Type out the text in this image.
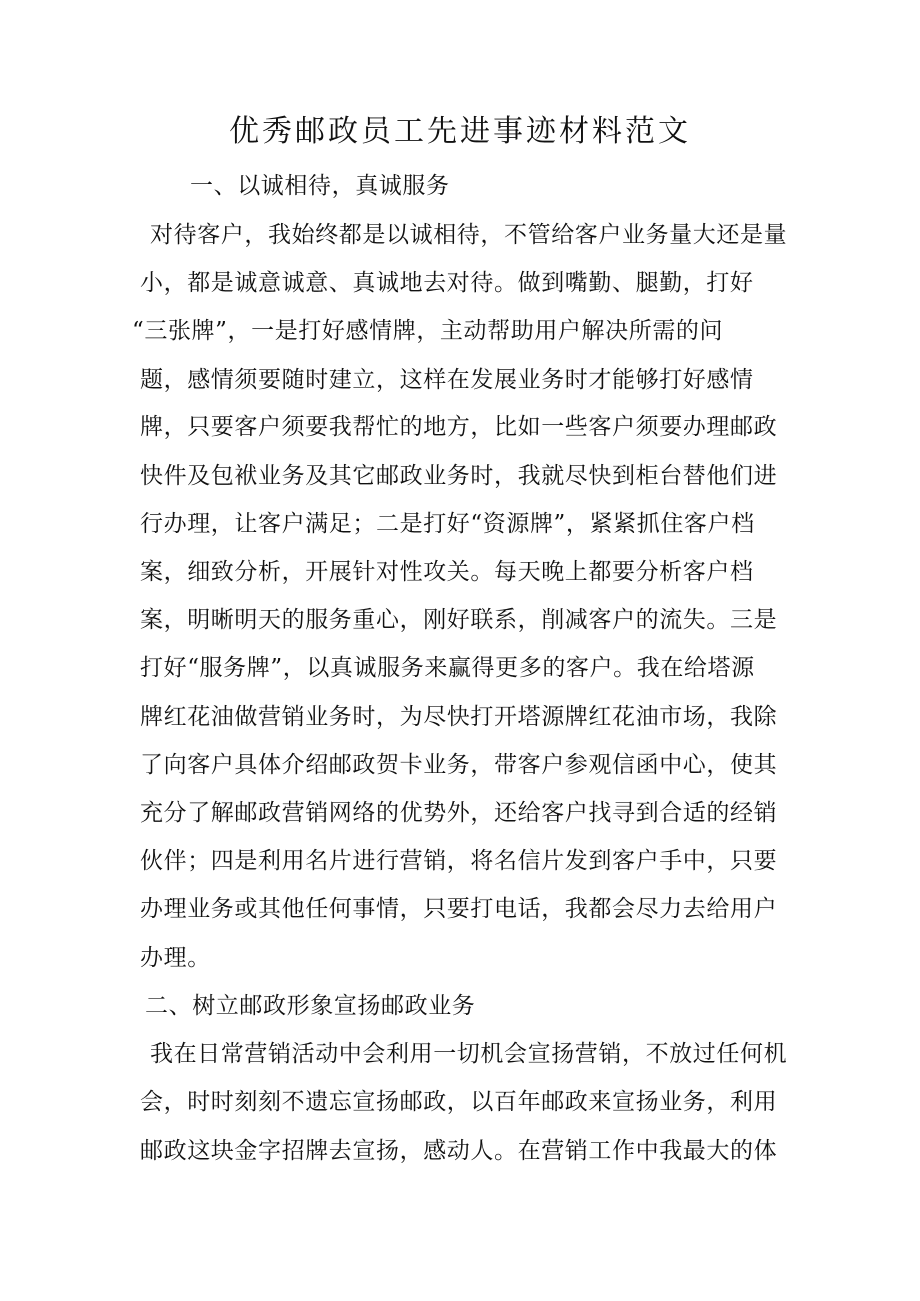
优秀邮政员工先进事迹材料范文
一、以诚相待，真诚服务
对待客户，我始终都是以诚相待，不管给客户业务量大还是量
小，都是诚意诚意、真诚地去对待。做到嘴勤、腿勤，打好
“三张牌”，一是打好感情牌，主动帮助用户解决所需的问
题，感情须要随时建立，这样在发展业务时才能够打好感情
牌，只要客户须要我帮忙的地方，比如一些客户须要办理邮政
快件及包袱业务及其它邮政业务时，我就尽快到柜台替他们进
行办理，让客户满足；二是打好“资源牌”，紧紧抓住客户档
案，细致分析，开展针对性攻关。每天晚上都要分析客户档
案，明晰明天的服务重心，刚好联系，削减客户的流失。三是
打好“服务牌”，以真诚服务来赢得更多的客户。我在给塔源
牌红花油做营销业务时，为尽快打开塔源牌红花油市场，我除
了向客户具体介绍邮政贺卡业务，带客户参观信函中心，使其
充分了解邮政营销网络的优势外，还给客户找寻到合适的经销
伙伴；四是利用名片进行营销，将名信片发到客户手中，只要
办理业务或其他任何事情，只要打电话，我都会尽力去给用户
办理。
二、树立邮政形象宣扬邮政业务
我在日常营销活动中会利用一切机会宣扬营销，不放过任何机
会，时时刻刻不遗忘宣扬邮政，以百年邮政来宣扬业务，利用
邮政这块金字招牌去宣扬，感动人。在营销工作中我最大的体
